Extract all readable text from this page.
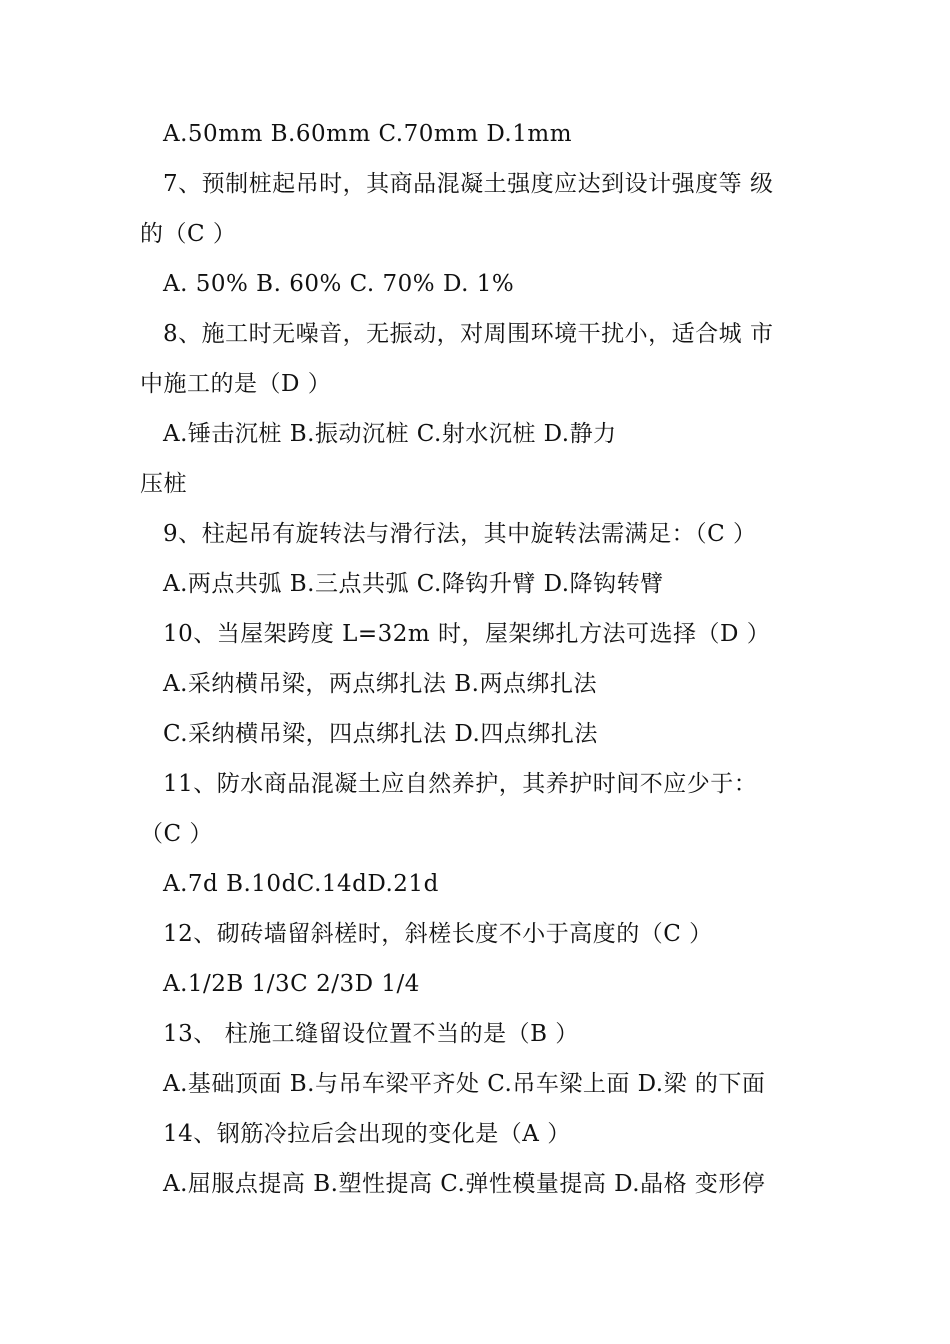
A.50mm B.60mm C.70mm D.1mm
7、预制桩起吊时，其商品混凝土强度应达到设计强度等 级
的（C ）
A. 50% B. 60% C. 70% D. 1%
8、施工时无噪音，无振动，对周围环境干扰小，适合城 市
中施工的是（D ）
A.锤击沉桩 B.振动沉桩 C.射水沉桩 D.静力
压桩
9、柱起吊有旋转法与滑行法，其中旋转法需满足：（C ）
A.两点共弧 B.三点共弧 C.降钩升臂 D.降钩转臂
10、当屋架跨度 L=32m 时，屋架绑扎方法可选择（D ）
A.采纳横吊梁，两点绑扎法 B.两点绑扎法
C.采纳横吊梁，四点绑扎法 D.四点绑扎法
11、防水商品混凝土应自然养护，其养护时间不应少于：
（C ）
A.7d B.10dC.14dD.21d
12、砌砖墙留斜槎时，斜槎长度不小于高度的（C ）
A.1/2B 1/3C 2/3D 1/4
13、 柱施工缝留设位置不当的是（B ）
A.基础顶面 B.与吊车梁平齐处 C.吊车梁上面 D.梁 的下面
14、钢筋冷拉后会出现的变化是（A ）
A.屈服点提高 B.塑性提高 C.弹性模量提高 D.晶格 变形停
